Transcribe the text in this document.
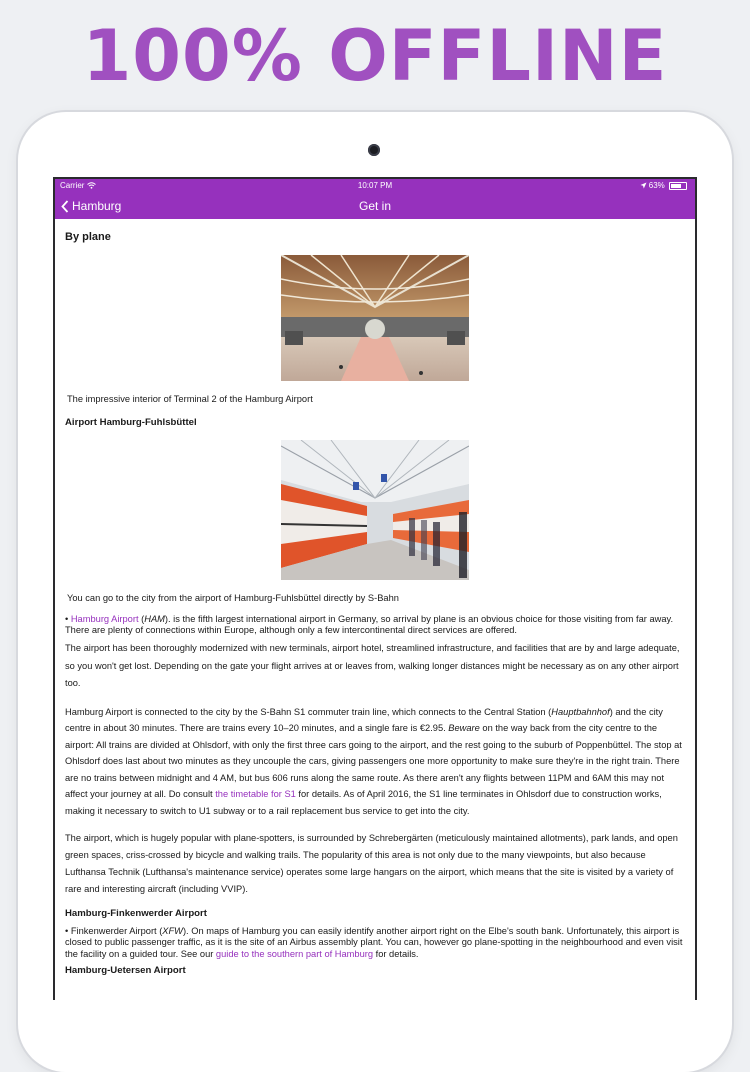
100% OFFLINE
Carrier	10:07 PM	63%
Hamburg	Get in
By plane

The impressive interior of Terminal 2 of the Hamburg Airport

Airport Hamburg-Fuhlsbüttel

You can go to the city from the airport of Hamburg-Fuhlsbüttel directly by S-Bahn

• Hamburg Airport (HAM). is the fifth largest international airport in Germany, so arrival by plane is an obvious choice for those visiting from far away. There are plenty of connections within Europe, although only a few intercontinental direct services are offered.

The airport has been thoroughly modernized with new terminals, airport hotel, streamlined infrastructure, and facilities that are by and large adequate, so you won't get lost. Depending on the gate your flight arrives at or leaves from, walking longer distances might be necessary as on any other airport too.

Hamburg Airport is connected to the city by the S-Bahn S1 commuter train line, which connects to the Central Station (Hauptbahnhof) and the city centre in about 30 minutes. There are trains every 10–20 minutes, and a single fare is €2.95. Beware on the way back from the city centre to the airport: All trains are divided at Ohlsdorf, with only the first three cars going to the airport, and the rest going to the suburb of Poppenbüttel. The stop at Ohlsdorf does last about two minutes as they uncouple the cars, giving passengers one more opportunity to make sure they're in the right train. There are no trains between midnight and 4 AM, but bus 606 runs along the same route. As there aren't any flights between 11PM and 6AM this may not affect your journey at all. Do consult the timetable for S1 for details. As of April 2016, the S1 line terminates in Ohlsdorf due to construction works, making it necessary to switch to U1 subway or to a rail replacement bus service to get into the city.

The airport, which is hugely popular with plane-spotters, is surrounded by Schrebergärten (meticulously maintained allotments), park lands, and open green spaces, criss-crossed by bicycle and walking trails. The popularity of this area is not only due to the many viewpoints, but also because Lufthansa Technik (Lufthansa's maintenance service) operates some large hangars on the airport, which means that the site is visited by a variety of rare and interesting aircraft (including VVIP).

Hamburg-Finkenwerder Airport

• Finkenwerder Airport (XFW). On maps of Hamburg you can easily identify another airport right on the Elbe's south bank. Unfortunately, this airport is closed to public passenger traffic, as it is the site of an Airbus assembly plant. You can, however go plane-spotting in the neighbourhood and even visit the facility on a guided tour. See our guide to the southern part of Hamburg for details.

Hamburg-Uetersen Airport
